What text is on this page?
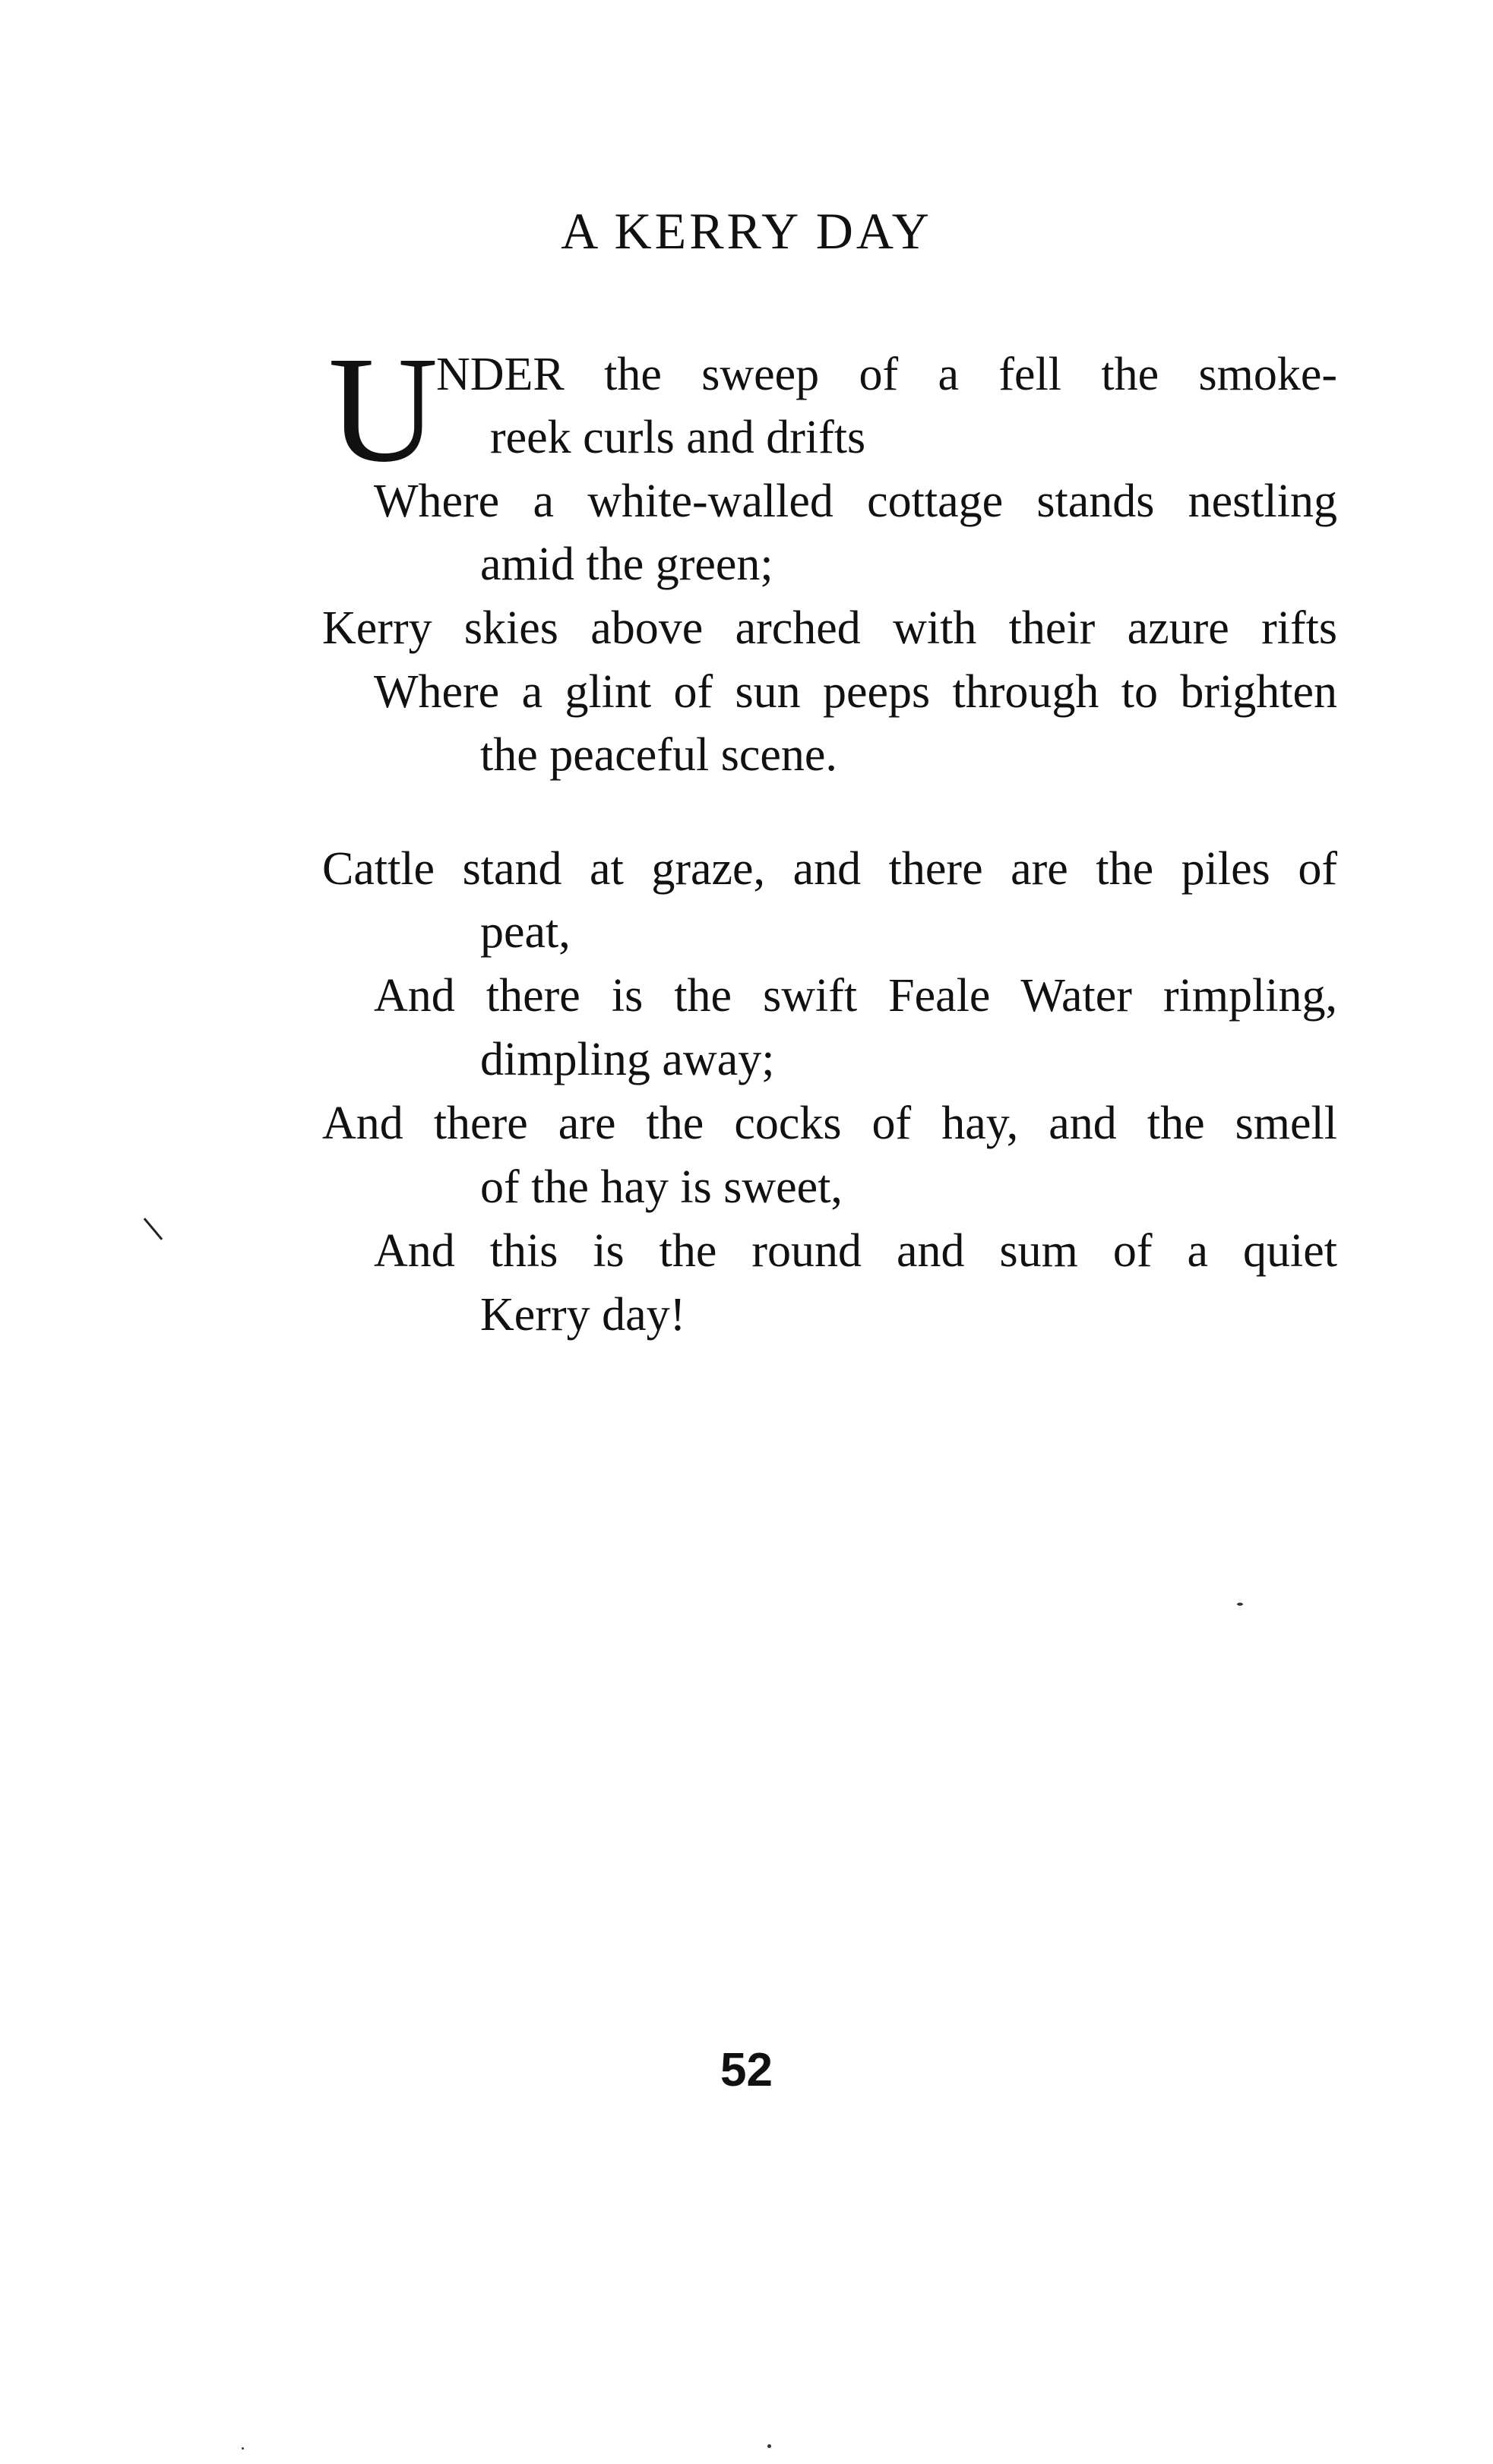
A KERRY DAY
U
NDER the sweep of a fell the smoke-
reek curls and drifts
Where a white-walled cottage stands nestling
amid the green;
Kerry skies above arched with their azure rifts
Where a glint of sun peeps through to brighten
the peaceful scene.
Cattle stand at graze, and there are the piles of
peat,
And there is the swift Feale Water rimpling,
dimpling away;
And there are the cocks of hay, and the smell
of the hay is sweet,
And this is the round and sum of a quiet
Kerry day!
52
